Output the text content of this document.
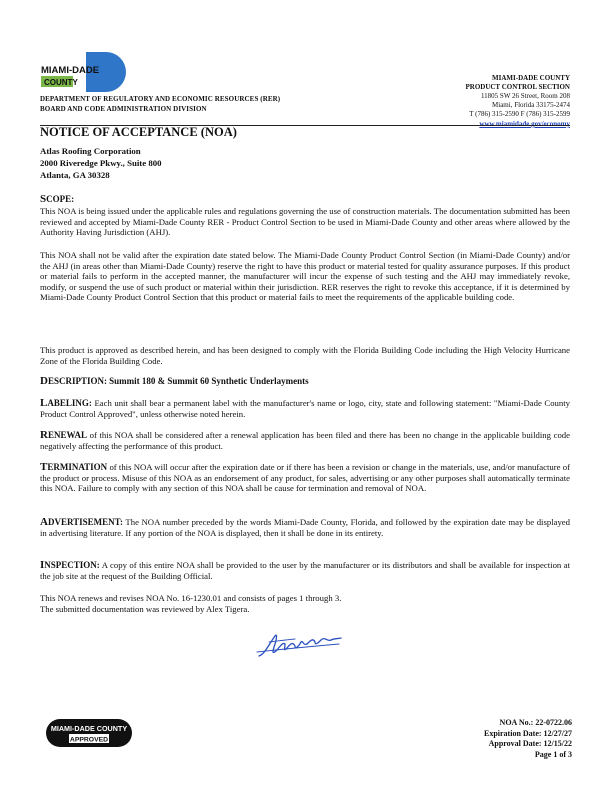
MIAMI-DADE
COUNTY
DEPARTMENT OF REGULATORY AND ECONOMIC RESOURCES (RER)
BOARD AND CODE ADMINISTRATION DIVISION
MIAMI-DADE COUNTY
PRODUCT CONTROL SECTION
11805 SW 26 Street, Room 208
Miami, Florida 33175-2474
T (786) 315-2590 F (786) 315-2599
www.miamidade.gov/economy
NOTICE OF ACCEPTANCE (NOA)
Atlas Roofing Corporation
2000 Riveredge Pkwy., Suite 800
Atlanta, GA 30328
SCOPE:
This NOA is being issued under the applicable rules and regulations governing the use of construction materials. The documentation submitted has been reviewed and accepted by Miami-Dade County RER - Product Control Section to be used in Miami-Dade County and other areas where allowed by the Authority Having Jurisdiction (AHJ).
This NOA shall not be valid after the expiration date stated below. The Miami-Dade County Product Control Section (in Miami-Dade County) and/or the AHJ (in areas other than Miami-Dade County) reserve the right to have this product or material tested for quality assurance purposes. If this product or material fails to perform in the accepted manner, the manufacturer will incur the expense of such testing and the AHJ may immediately revoke, modify, or suspend the use of such product or material within their jurisdiction. RER reserves the right to revoke this acceptance, if it is determined by Miami-Dade County Product Control Section that this product or material fails to meet the requirements of the applicable building code.
This product is approved as described herein, and has been designed to comply with the Florida Building Code including the High Velocity Hurricane Zone of the Florida Building Code.
DESCRIPTION: Summit 180 & Summit 60 Synthetic Underlayments
LABELING: Each unit shall bear a permanent label with the manufacturer's name or logo, city, state and following statement: "Miami-Dade County Product Control Approved", unless otherwise noted herein.
RENEWAL of this NOA shall be considered after a renewal application has been filed and there has been no change in the applicable building code negatively affecting the performance of this product.
TERMINATION of this NOA will occur after the expiration date or if there has been a revision or change in the materials, use, and/or manufacture of the product or process. Misuse of this NOA as an endorsement of any product, for sales, advertising or any other purposes shall automatically terminate this NOA. Failure to comply with any section of this NOA shall be cause for termination and removal of NOA.
ADVERTISEMENT: The NOA number preceded by the words Miami-Dade County, Florida, and followed by the expiration date may be displayed in advertising literature. If any portion of the NOA is displayed, then it shall be done in its entirety.
INSPECTION: A copy of this entire NOA shall be provided to the user by the manufacturer or its distributors and shall be available for inspection at the job site at the request of the Building Official.
This NOA renews and revises NOA No. 16-1230.01 and consists of pages 1 through 3.
The submitted documentation was reviewed by Alex Tigera.
MIAMI-DADE COUNTY
APPROVED
NOA No.: 22-0722.06
Expiration Date: 12/27/27
Approval Date: 12/15/22
Page 1 of 3
